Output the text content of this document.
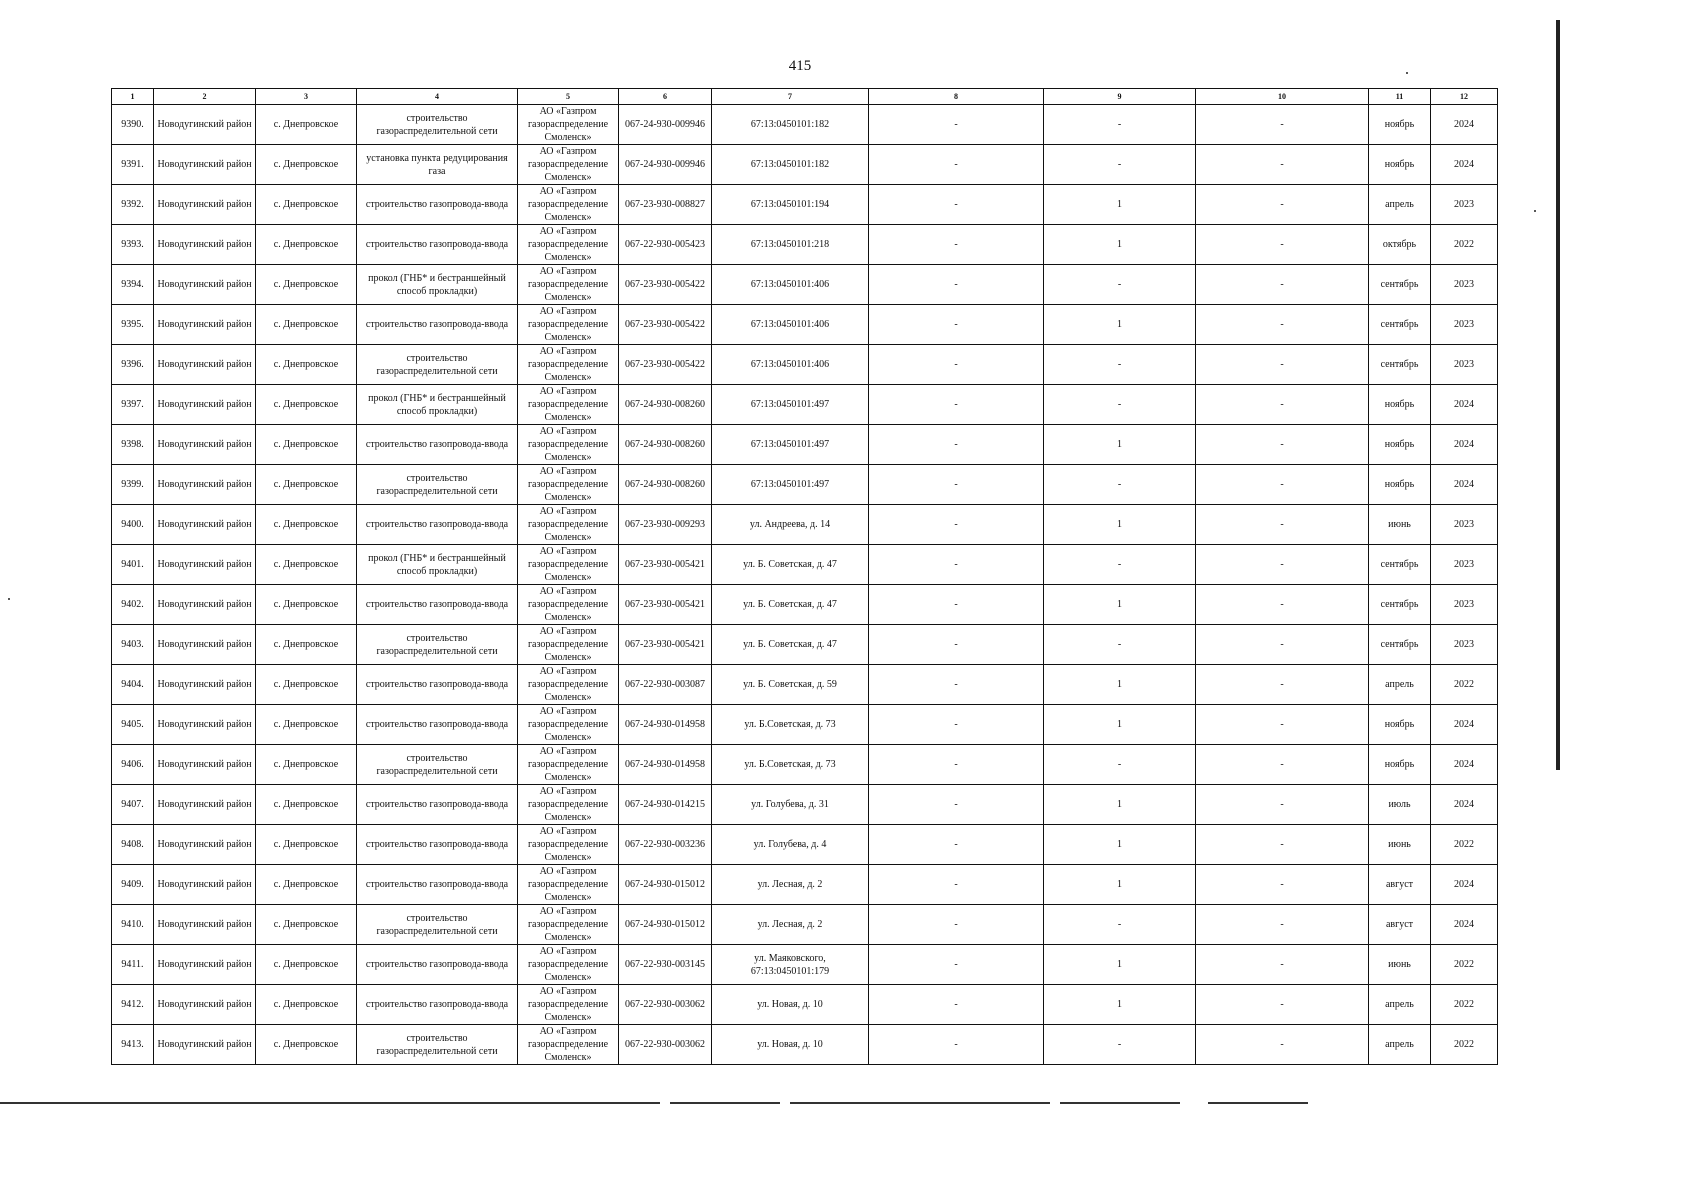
415
1	2	3	4	5	6	7	8	9	10	11	12
9390.	Новодугинский район	с. Днепровское	строительство газораспределительной сети	АО «Газпром газораспределение Смоленск»	067-24-930-009946	67:13:0450101:182	-	-	-	ноябрь	2024
9391.	Новодугинский район	с. Днепровское	установка пункта редуцирования газа	АО «Газпром газораспределение Смоленск»	067-24-930-009946	67:13:0450101:182	-	-	-	ноябрь	2024
9392.	Новодугинский район	с. Днепровское	строительство газопровода-ввода	АО «Газпром газораспределение Смоленск»	067-23-930-008827	67:13:0450101:194	-	1	-	апрель	2023
9393.	Новодугинский район	с. Днепровское	строительство газопровода-ввода	АО «Газпром газораспределение Смоленск»	067-22-930-005423	67:13:0450101:218	-	1	-	октябрь	2022
9394.	Новодугинский район	с. Днепровское	прокол (ГНБ* и бестраншейный способ прокладки)	АО «Газпром газораспределение Смоленск»	067-23-930-005422	67:13:0450101:406	-	-	-	сентябрь	2023
9395.	Новодугинский район	с. Днепровское	строительство газопровода-ввода	АО «Газпром газораспределение Смоленск»	067-23-930-005422	67:13:0450101:406	-	1	-	сентябрь	2023
9396.	Новодугинский район	с. Днепровское	строительство газораспределительной сети	АО «Газпром газораспределение Смоленск»	067-23-930-005422	67:13:0450101:406	-	-	-	сентябрь	2023
9397.	Новодугинский район	с. Днепровское	прокол (ГНБ* и бестраншейный способ прокладки)	АО «Газпром газораспределение Смоленск»	067-24-930-008260	67:13:0450101:497	-	-	-	ноябрь	2024
9398.	Новодугинский район	с. Днепровское	строительство газопровода-ввода	АО «Газпром газораспределение Смоленск»	067-24-930-008260	67:13:0450101:497	-	1	-	ноябрь	2024
9399.	Новодугинский район	с. Днепровское	строительство газораспределительной сети	АО «Газпром газораспределение Смоленск»	067-24-930-008260	67:13:0450101:497	-	-	-	ноябрь	2024
9400.	Новодугинский район	с. Днепровское	строительство газопровода-ввода	АО «Газпром газораспределение Смоленск»	067-23-930-009293	ул. Андреева, д. 14	-	1	-	июнь	2023
9401.	Новодугинский район	с. Днепровское	прокол (ГНБ* и бестраншейный способ прокладки)	АО «Газпром газораспределение Смоленск»	067-23-930-005421	ул. Б. Советская, д. 47	-	-	-	сентябрь	2023
9402.	Новодугинский район	с. Днепровское	строительство газопровода-ввода	АО «Газпром газораспределение Смоленск»	067-23-930-005421	ул. Б. Советская, д. 47	-	1	-	сентябрь	2023
9403.	Новодугинский район	с. Днепровское	строительство газораспределительной сети	АО «Газпром газораспределение Смоленск»	067-23-930-005421	ул. Б. Советская, д. 47	-	-	-	сентябрь	2023
9404.	Новодугинский район	с. Днепровское	строительство газопровода-ввода	АО «Газпром газораспределение Смоленск»	067-22-930-003087	ул. Б. Советская, д. 59	-	1	-	апрель	2022
9405.	Новодугинский район	с. Днепровское	строительство газопровода-ввода	АО «Газпром газораспределение Смоленск»	067-24-930-014958	ул. Б.Советская, д. 73	-	1	-	ноябрь	2024
9406.	Новодугинский район	с. Днепровское	строительство газораспределительной сети	АО «Газпром газораспределение Смоленск»	067-24-930-014958	ул. Б.Советская, д. 73	-	-	-	ноябрь	2024
9407.	Новодугинский район	с. Днепровское	строительство газопровода-ввода	АО «Газпром газораспределение Смоленск»	067-24-930-014215	ул. Голубева, д. 31	-	1	-	июль	2024
9408.	Новодугинский район	с. Днепровское	строительство газопровода-ввода	АО «Газпром газораспределение Смоленск»	067-22-930-003236	ул. Голубева, д. 4	-	1	-	июнь	2022
9409.	Новодугинский район	с. Днепровское	строительство газопровода-ввода	АО «Газпром газораспределение Смоленск»	067-24-930-015012	ул. Лесная, д. 2	-	1	-	август	2024
9410.	Новодугинский район	с. Днепровское	строительство газораспределительной сети	АО «Газпром газораспределение Смоленск»	067-24-930-015012	ул. Лесная, д. 2	-	-	-	август	2024
9411.	Новодугинский район	с. Днепровское	строительство газопровода-ввода	АО «Газпром газораспределение Смоленск»	067-22-930-003145	ул. Маяковского, 67:13:0450101:179	-	1	-	июнь	2022
9412.	Новодугинский район	с. Днепровское	строительство газопровода-ввода	АО «Газпром газораспределение Смоленск»	067-22-930-003062	ул. Новая, д. 10	-	1	-	апрель	2022
9413.	Новодугинский район	с. Днепровское	строительство газораспределительной сети	АО «Газпром газораспределение Смоленск»	067-22-930-003062	ул. Новая, д. 10	-	-	-	апрель	2022
